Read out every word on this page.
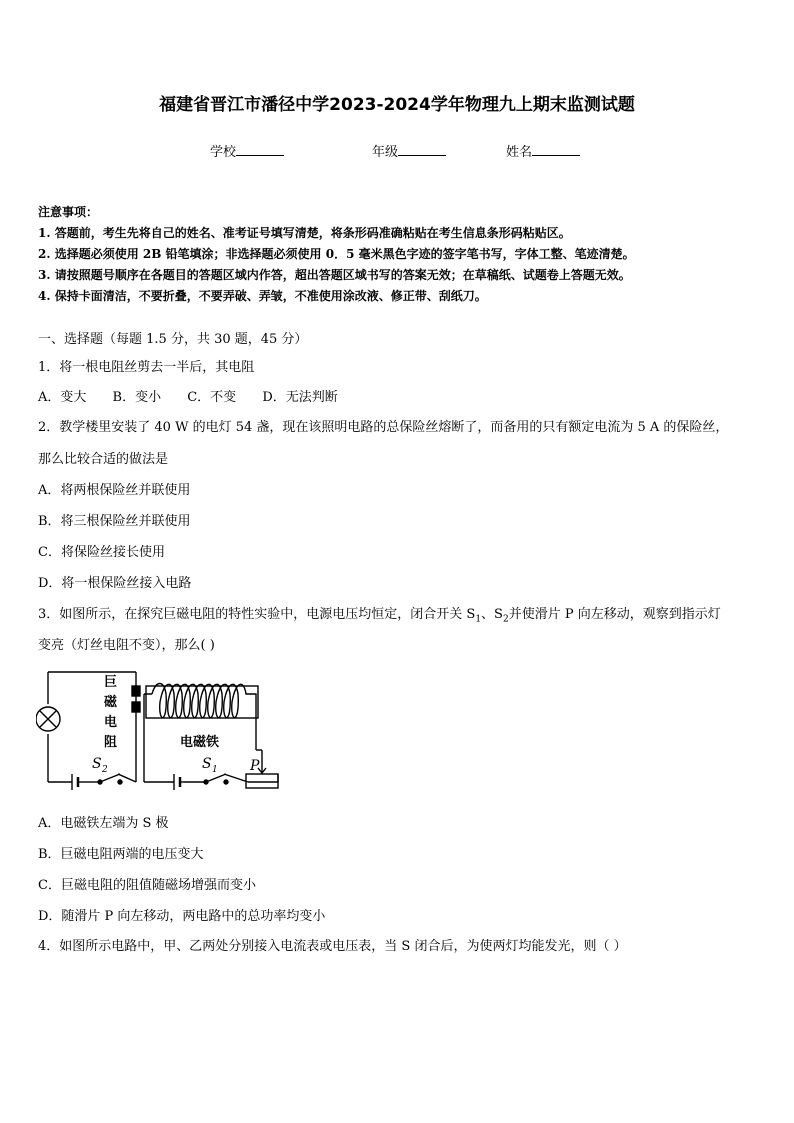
福建省晋江市潘径中学2023-2024学年物理九上期末监测试题
学校	年级	姓名
注意事项：
1. 答题前，考生先将自己的姓名、准考证号填写清楚，将条形码准确粘贴在考生信息条形码粘贴区。
2. 选择题必须使用 2B 铅笔填涂；非选择题必须使用 0．5 毫米黑色字迹的签字笔书写，字体工整、笔迹清楚。
3. 请按照题号顺序在各题目的答题区域内作答，超出答题区域书写的答案无效；在草稿纸、试题卷上答题无效。
4. 保持卡面清洁，不要折叠，不要弄破、弄皱，不准使用涂改液、修正带、刮纸刀。
一、选择题（每题 1.5 分，共 30 题，45 分）
1．将一根电阻丝剪去一半后，其电阻
A．变大 B．变小 C．不变 D．无法判断
2．教学楼里安装了 40 W 的电灯 54 盏，现在该照明电路的总保险丝熔断了，而备用的只有额定电流为 5 A 的保险丝，
那么比较合适的做法是
A．将两根保险丝并联使用
B．将三根保险丝并联使用
C．将保险丝接长使用
D．将一根保险丝接入电路
3．如图所示，在探究巨磁电阻的特性实验中，电源电压均恒定，闭合开关 $S_1$、$S_2$并使滑片 P 向左移动，观察到指示灯
变亮（灯丝电阻不变），那么( )
巨
磁
电
阻	电磁铁
S 2	S 1 P
A．电磁铁左端为 S 极
B．巨磁电阻两端的电压变大
C．巨磁电阻的阻值随磁场增强而变小
D．随滑片 P 向左移动，两电路中的总功率均变小
4．如图所示电路中，甲、乙两处分别接入电流表或电压表，当 S 闭合后，为使两灯均能发光，则（ ）
